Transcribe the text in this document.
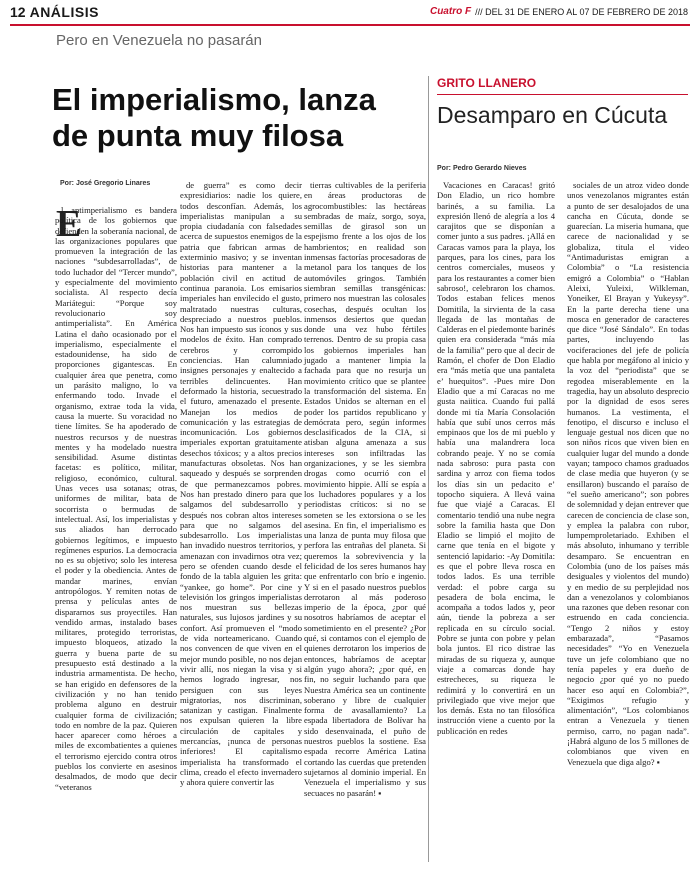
12 ANÁLISIS	Cuatro F /// DEL 31 DE ENERO AL 07 DE FEBRERO DE 2018
Pero en Venezuela no pasarán
El imperialismo, lanza de punta muy filosa
Por: José Gregorio Linares
E

l antimperialismo es bandera política de los gobiernos que defienden la soberanía nacional, de las organizaciones populares que promueven la integración de las naciones “subdesarrolladas”, de todo luchador del “Tercer mundo”, y especialmente del movimiento socialista. Al respecto decía Mariátegui: “Porque soy revolucionario soy antimperialista”. En América Latina el daño ocasionado por el imperialismo, especialmente el estadounidense, ha sido de proporciones gigantescas. En cualquier área que penetra, como un parásito maligno, lo va enfermando todo. Invade el organismo, extrae toda la vida, causa la muerte. Su voracidad no tiene límites. Se ha apoderado de nuestros recursos y de nuestras mentes y ha modelado nuestra sensibilidad. Asume distintas facetas: es político, militar, religioso, económico, cultural. Unas veces usa sotanas; otras, uniformes de militar, bata de socorrista o bermudas de intelectual. Así, los imperialistas y sus aliados han derrocado gobiernos legítimos, e impuesto regímenes espurios. La democracia no es su objetivo; solo les interesa el poder y la obediencia. Antes de mandar marines, envían antropólogos. Y remiten notas de prensa y películas antes de dispararnos sus proyectiles. Han vendido armas, instalado bases militares, protegido terroristas, impuesto bloqueos, atizado la guerra y buena parte de su presupuesto está destinado a la industria armamentista. De hecho, se han erigido en defensores de la civilización y no han tenido problema alguno en destruir cualquier forma de civilización; todo en nombre de la paz. Quieren hacer aparecer como héroes a miles de excombatientes a quienes el terrorismo ejercido contra otros pueblos los convierte en asesinos desalmados, de modo que decir “veteranos

de guerra” es como decir expresidiarios: nadie los quiere, todos desconfían. Además, los imperialistas manipulan a su propia ciudadanía con falsedades acerca de supuestos enemigos de la patria que fabrican armas de exterminio masivo; y se inventan historias para mantener a la población civil en actitud de continua paranoia. Los emisarios imperiales han envilecido el gusto, maltratado nuestras culturas, despreciado a nuestros pueblos. Nos han impuesto sus íconos y sus modelos de éxito. Han comprado cerebros y corrompido conciencias. Han calumniado insignes personajes y enaltecido a terribles delincuentes. Han deformado la historia, secuestrado el futuro, amenazado el presente. Manejan los medios de comunicación y las estrategias de incomunicación. Los gobiernos imperiales exportan gratuitamente desechos tóxicos; y a altos precios manufacturas obsoletas. Nos han saqueado y después se sorprenden de que permanezcamos pobres. Nos han prestado dinero para que salgamos del subdesarrollo y después nos cobran altos intereses para que no salgamos del subdesarrollo. Los imperialistas han invadido nuestros territorios, y amenazan con invadirnos otra vez; pero se ofenden cuando desde el fondo de la tabla alguien les grita: “yankee, go home”. Por cine y televisión los gringos imperialistas nos muestran sus bellezas naturales, sus lujosos jardines y su confort. Así promueven el “modo de vida norteamericano. Cuando nos convencen de que viven en el mejor mundo posible, no nos dejan vivir allí, nos niegan la visa y si hemos logrado ingresar, nos persiguen con sus leyes migratorias, nos discriminan, satanizan y castigan. Finalmente nos expulsan quieren la libre circulación de capitales y mercancías, ¡nunca de personas inferiores! El capitalismo imperialista ha transformado el clima, creado el efecto invernadero y ahora quiere convertir las

tierras cultivables de la periferia en áreas productoras de agrocombustibles: las hectáreas sembradas de maíz, sorgo, soya, semillas de girasol son un espejismo frente a los ojos de los hambrientos; en realidad son inmensas factorías procesadoras de metanol para los tanques de los automóviles gringos. También siembran semillas transgénicas: primero nos muestran las colosales cosechas, después ocultan los inmensos desiertos que quedan donde una vez hubo fértiles terrenos. Dentro de su propia casa los gobiernos imperiales han jugado a mantener limpia la fachada para que no resurja un movimiento crítico que se plantee la transformación del sistema. En Estados Unidos se alternan en el poder los partidos republicano y demócrata pero, según informes desclasificados de la CIA, si atisban alguna amenaza a sus intereses son infiltradas las organizaciones, y se les siembra drogas como ocurrió con el movimiento hippie. Allí se espía a los luchadores populares y a los periodistas críticos: si no se someten se les extorsiona o se les asesina. En fin, el imperialismo es una lanza de punta muy filosa que perfora las entrañas del planeta. Si queremos la sobrevivencia y la felicidad de los seres humanos hay que enfrentarlo con brío e ingenio. Y si en el pasado nuestros pueblos derrotaron al más poderoso imperio de la época, ¿por qué nosotros habríamos de aceptar el sometimiento en el presente? ¿Por qué, si contamos con el ejemplo de quienes derrotaron los imperios de entonces, habríamos de aceptar algún yugo ahora?; ¿por qué, en fin, no seguir luchando para que Nuestra América sea un continente soberano y libre de cualquier forma de avasallamiento? La espada libertadora de Bolívar ha sido desenvainada, el puño de nuestros pueblos la sostiene. Esa espada recorre América Latina cortando las cuerdas que pretenden sujetarnos al dominio imperial. En Venezuela el imperialismo y sus secuaces no pasarán! ▪

GRITO LLANERO
Desamparo en Cúcuta
Por: Pedro Gerardo Nieves

Vacaciones en Caracas! gritó Don Eladio, un rico hombre barinés, a su familia. La expresión llenó de alegría a los 4 carajitos que se disponían a comer junto a sus padres. ¡Allá en Caracas vamos para la playa, los parques, para los cines, para los centros comerciales, museos y para los restaurantes a comer bien sabroso!, celebraron los chamos. Todos estaban felices menos Domitila, la sirvienta de la casa llegada de las montañas de Calderas en el piedemonte barinés quien era considerada “más mía de la familia” pero que al decir de Ramón, el chofer de Don Eladio era “más metía que una pantaleta e’ huequitos”. -Pues mire Don Eladio que a mí Caracas no me gusta naiitica. Cuando fui pallá donde mi tía María Consolación había que subí unos cerros más empinaos que los de mi pueblo y había una malandrera loca cobrando peaje. Y no se comía nada sabroso: pura pasta con sardina y arroz con fiema todos los días sin un pedacito e’ topocho siquiera. A llevá vaina fue que viajé a Caracas. El comentario tendió una nube negra sobre la familia hasta que Don Eladio se limpió el mojito de carne que tenía en el bigote y sentenció lapidario: -Ay Domitila: es que el pobre lleva rosca en todos lados. Es una terrible verdad: el pobre carga su pesadera de bola encima, le acompaña a todos lados y, peor aún, tiende la pobreza a ser replicada en su círculo social. Pobre se junta con pobre y pelan bola juntos. El rico distrae las miradas de su riqueza y, aunque viaje a comarcas donde hay estrecheces, su riqueza le redimirá y lo convertirá en un privilegiado que vive mejor que los demás. Esta no tan filosófica instrucción viene a cuento por la publicación en redes

sociales de un atroz video donde unos venezolanos migrantes están a punto de ser desalojados de una cancha en Cúcuta, donde se guarecían. La miseria humana, que carece de nacionalidad y se globaliza, titula el video “Antimaduristas emigran a Colombia” o “La resistencia emigró a Colombia” o “Hablan Aleixi, Yuleixi, Wilkleman, Yoneiker, El Brayan y Yukeysy”. En la parte derecha tiene una mosca en generador de caracteres que dice “José Sándalo”. En todas partes, incluyendo las vociferaciones del jefe de policía que habla por megáfono al inicio y la voz del “periodista” que se regodea miserablemente en la tragedia, hay un absoluto desprecio por la dignidad de esos seres humanos. La vestimenta, el fenotipo, el discurso e incluso el lenguaje gestual nos dicen que no son niños ricos que viven bien en cualquier lugar del mundo a donde vayan; tampoco chamos graduados de clase media que huyeron (y se ensillaron) buscando el paraíso de “el sueño americano”; son pobres de solemnidad y dejan entrever que carecen de conciencia de clase son, y emplea la palabra con rubor, lumpemproletariado. Exhiben el más absoluto, inhumano y terrible desamparo. Se encuentran en Colombia (uno de los países más desiguales y violentos del mundo) y en medio de su perplejidad nos dan a venezolanos y colombianos una razones que deben resonar con estruendo en cada conciencia. “Tengo 2 niños y estoy embarazada”, “Pasamos necesidades” “Yo en Venezuela tuve un jefe colombiano que no tenía papeles y era dueño de negocio ¿por qué yo no puedo hacer eso aquí en Colombia?”, “Exigimos refugio y alimentación”, “Los colombianos entran a Venezuela y tienen permiso, carro, no pagan nada”. ¡Habrá alguno de los 5 millones de colombianos que viven en Venezuela que diga algo? ▪
